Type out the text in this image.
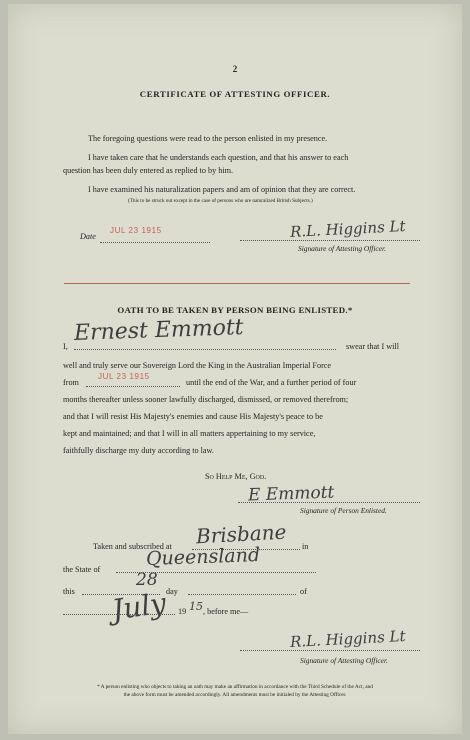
2
CERTIFICATE OF ATTESTING OFFICER.
The foregoing questions were read to the person enlisted in my presence.
I have taken care that he understands each question, and that his answer to each
question has been duly entered as replied to by him.
I have examined his naturalization papers and am of opinion that they are correct.
(This to be struck out except in the case of persons who are naturalized British Subjects.)
Date
JUL 23 1915	R.L. Higgins Lt
Signature of Attesting Officer.
OATH TO BE TAKEN BY PERSON BEING ENLISTED.*
I,
Ernest Emmott
swear that I will
well and truly serve our Sovereign Lord the King in the Australian Imperial Force
from
JUL 23 1915
until the end of the War, and a further period of four
months thereafter unless sooner lawfully discharged, dismissed, or removed therefrom;
and that I will resist His Majesty's enemies and cause His Majesty's peace to be
kept and maintained; and that I will in all matters appertaining to my service,
faithfully discharge my duty according to law.
So Help Me, God.
E Emmott
Signature of Person Enlisted.
Taken and subscribed at Brisbane in
the State of Queensland
this
28
day	of
July 19 15 , before me—
R.L. Higgins Lt
Signature of Attesting Officer.
* A person enlisting who objects to taking an oath may make an affirmation in accordance with the Third Schedule of the Act, and
the above form must be amended accordingly. All amendments must be initialed by the Attesting Officer.
